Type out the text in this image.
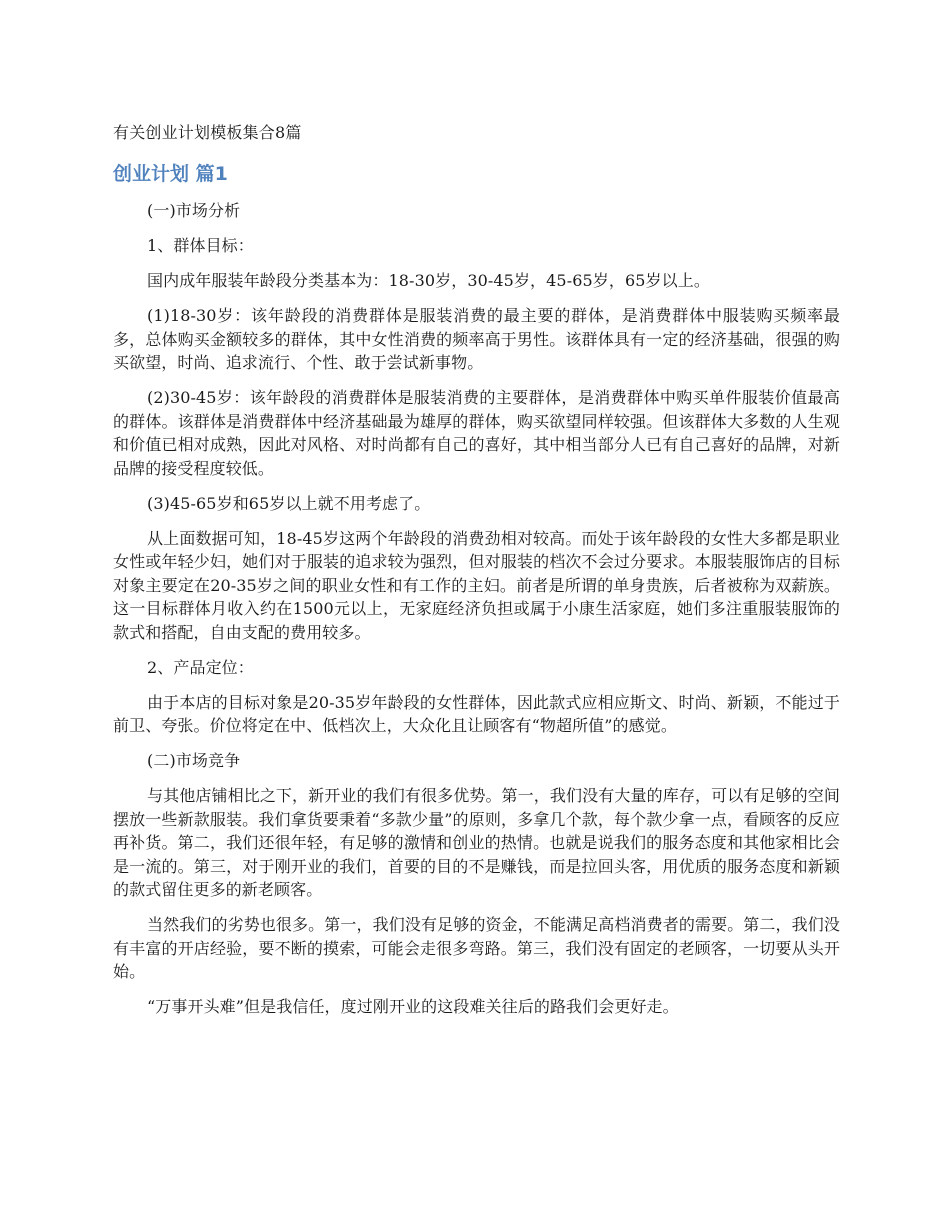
有关创业计划模板集合8篇
创业计划 篇1

(一)市场分析

1、群体目标：

国内成年服装年龄段分类基本为：18-30岁，30-45岁，45-65岁，65岁以上。

(1)18-30岁：该年龄段的消费群体是服装消费的最主要的群体，是消费群体中服装购买频率最多，总体购买金额较多的群体，其中女性消费的频率高于男性。该群体具有一定的经济基础，很强的购买欲望，时尚、追求流行、个性、敢于尝试新事物。

(2)30-45岁：该年龄段的消费群体是服装消费的主要群体，是消费群体中购买单件服装价值最高的群体。该群体是消费群体中经济基础最为雄厚的群体，购买欲望同样较强。但该群体大多数的人生观和价值已相对成熟，因此对风格、对时尚都有自己的喜好，其中相当部分人已有自己喜好的品牌，对新品牌的接受程度较低。

(3)45-65岁和65岁以上就不用考虑了。

从上面数据可知，18-45岁这两个年龄段的消费劲相对较高。而处于该年龄段的女性大多都是职业女性或年轻少妇，她们对于服装的追求较为强烈，但对服装的档次不会过分要求。本服装服饰店的目标对象主要定在20-35岁之间的职业女性和有工作的主妇。前者是所谓的单身贵族，后者被称为双薪族。这一目标群体月收入约在1500元以上，无家庭经济负担或属于小康生活家庭，她们多注重服装服饰的款式和搭配，自由支配的费用较多。

2、产品定位：

由于本店的目标对象是20-35岁年龄段的女性群体，因此款式应相应斯文、时尚、新颖，不能过于前卫、夸张。价位将定在中、低档次上，大众化且让顾客有“物超所值”的感觉。

(二)市场竞争

与其他店铺相比之下，新开业的我们有很多优势。第一，我们没有大量的库存，可以有足够的空间摆放一些新款服装。我们拿货要秉着“多款少量”的原则，多拿几个款，每个款少拿一点，看顾客的反应再补货。第二，我们还很年轻，有足够的激情和创业的热情。也就是说我们的服务态度和其他家相比会是一流的。第三，对于刚开业的我们，首要的目的不是赚钱，而是拉回头客，用优质的服务态度和新颖的款式留住更多的新老顾客。

当然我们的劣势也很多。第一，我们没有足够的资金，不能满足高档消费者的需要。第二，我们没有丰富的开店经验，要不断的摸索，可能会走很多弯路。第三，我们没有固定的老顾客，一切要从头开始。

“万事开头难”但是我信任，度过刚开业的这段难关往后的路我们会更好走。
